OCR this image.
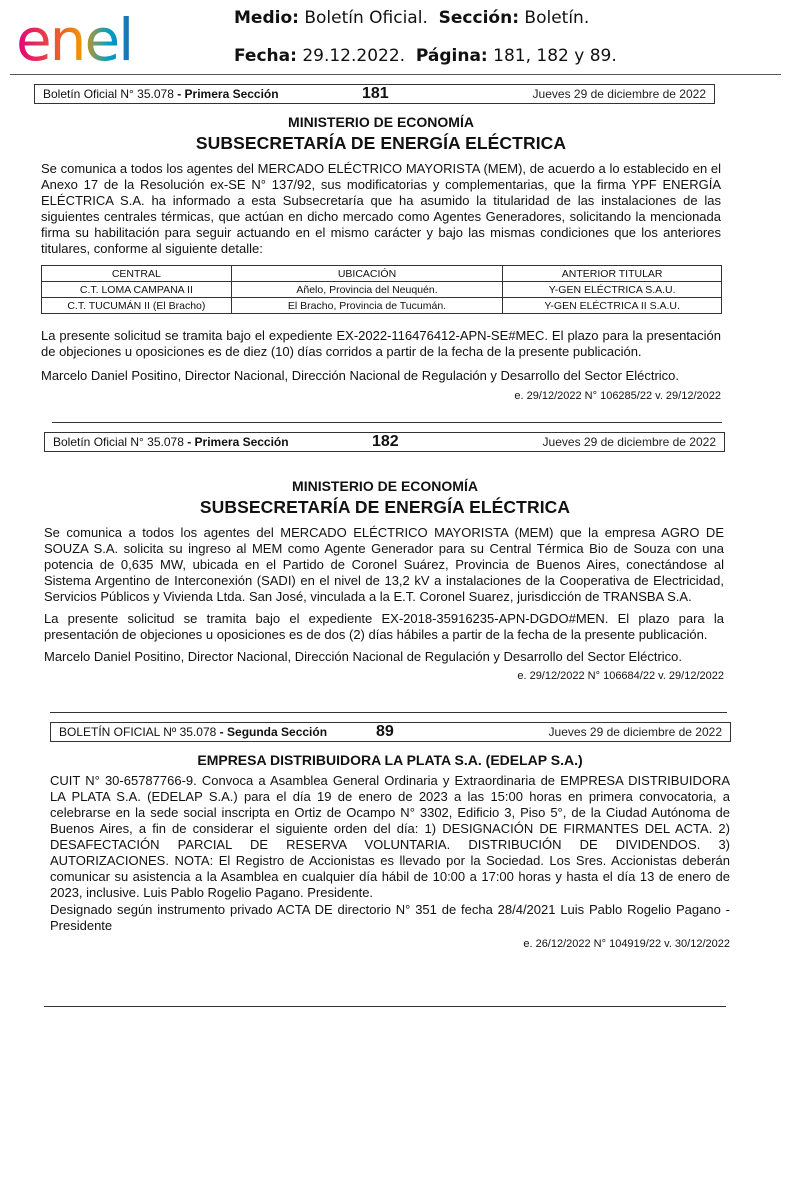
enel	Medio: Boletín Oficial. Sección: Boletín.
Fecha: 29.12.2022. Página: 181, 182 y 89.
Boletín Oficial N° 35.078 - Primera Sección	181	Jueves 29 de diciembre de 2022
MINISTERIO DE ECONOMÍA
SUBSECRETARÍA DE ENERGÍA ELÉCTRICA
Se comunica a todos los agentes del MERCADO ELÉCTRICO MAYORISTA (MEM), de acuerdo a lo establecido en el Anexo 17 de la Resolución ex-SE N° 137/92, sus modificatorias y complementarias, que la firma YPF ENERGÍA ELÉCTRICA S.A. ha informado a esta Subsecretaría que ha asumido la titularidad de las instalaciones de las siguientes centrales térmicas, que actúan en dicho mercado como Agentes Generadores, solicitando la mencionada firma su habilitación para seguir actuando en el mismo carácter y bajo las mismas condiciones que los anteriores titulares, conforme al siguiente detalle:
CENTRAL	UBICACIÓN	ANTERIOR TITULAR
C.T. LOMA CAMPANA II	Añelo, Provincia del Neuquén.	Y-GEN ELÉCTRICA S.A.U.
C.T. TUCUMÁN II (El Bracho)	El Bracho, Provincia de Tucumán.	Y-GEN ELÉCTRICA II S.A.U.
La presente solicitud se tramita bajo el expediente EX-2022-116476412-APN-SE#MEC. El plazo para la presentación de objeciones u oposiciones es de diez (10) días corridos a partir de la fecha de la presente publicación.
Marcelo Daniel Positino, Director Nacional, Dirección Nacional de Regulación y Desarrollo del Sector Eléctrico.
e. 29/12/2022 N° 106285/22 v. 29/12/2022
Boletín Oficial N° 35.078 - Primera Sección	182	Jueves 29 de diciembre de 2022
MINISTERIO DE ECONOMÍA
SUBSECRETARÍA DE ENERGÍA ELÉCTRICA
Se comunica a todos los agentes del MERCADO ELÉCTRICO MAYORISTA (MEM) que la empresa AGRO DE SOUZA S.A. solicita su ingreso al MEM como Agente Generador para su Central Térmica Bio de Souza con una potencia de 0,635 MW, ubicada en el Partido de Coronel Suárez, Provincia de Buenos Aires, conectándose al Sistema Argentino de Interconexión (SADI) en el nivel de 13,2 kV a instalaciones de la Cooperativa de Electricidad, Servicios Públicos y Vivienda Ltda. San José, vinculada a la E.T. Coronel Suarez, jurisdicción de TRANSBA S.A.
La presente solicitud se tramita bajo el expediente EX-2018-35916235-APN-DGDO#MEN. El plazo para la presentación de objeciones u oposiciones es de dos (2) días hábiles a partir de la fecha de la presente publicación.
Marcelo Daniel Positino, Director Nacional, Dirección Nacional de Regulación y Desarrollo del Sector Eléctrico.
e. 29/12/2022 N° 106684/22 v. 29/12/2022
BOLETÍN OFICIAL Nº 35.078 - Segunda Sección	89	Jueves 29 de diciembre de 2022
EMPRESA DISTRIBUIDORA LA PLATA S.A. (EDELAP S.A.)
CUIT N° 30-65787766-9. Convoca a Asamblea General Ordinaria y Extraordinaria de EMPRESA DISTRIBUIDORA LA PLATA S.A. (EDELAP S.A.) para el día 19 de enero de 2023 a las 15:00 horas en primera convocatoria, a celebrarse en la sede social inscripta en Ortiz de Ocampo N° 3302, Edificio 3, Piso 5°, de la Ciudad Autónoma de Buenos Aires, a fin de considerar el siguiente orden del día: 1) DESIGNACIÓN DE FIRMANTES DEL ACTA. 2) DESAFECTACIÓN PARCIAL DE RESERVA VOLUNTARIA. DISTRIBUCIÓN DE DIVIDENDOS. 3) AUTORIZACIONES. NOTA: El Registro de Accionistas es llevado por la Sociedad. Los Sres. Accionistas deberán comunicar su asistencia a la Asamblea en cualquier día hábil de 10:00 a 17:00 horas y hasta el día 13 de enero de 2023, inclusive. Luis Pablo Rogelio Pagano. Presidente.
Designado según instrumento privado ACTA DE directorio N° 351 de fecha 28/4/2021 Luis Pablo Rogelio Pagano - Presidente
e. 26/12/2022 N° 104919/22 v. 30/12/2022
